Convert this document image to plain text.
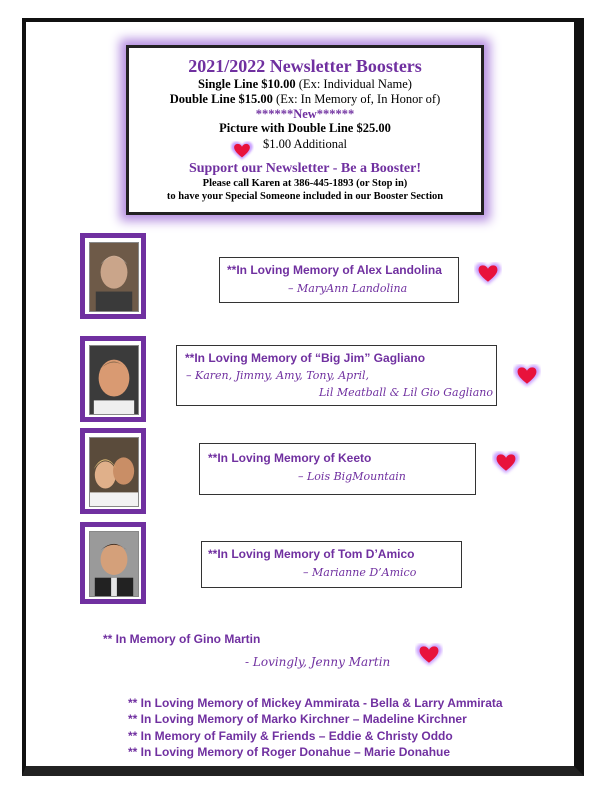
2021/2022 Newsletter Boosters
Single Line $10.00 (Ex: Individual Name)
Double Line $15.00 (Ex: In Memory of, In Honor of)
******New******
Picture with Double Line $25.00
$1.00 Additional
Support our Newsletter - Be a Booster!
Please call Karen at 386-445-1893 (or Stop in)
to have your Special Someone included in our Booster Section
**In Loving Memory of Alex Landolina
– MaryAnn Landolina
**In Loving Memory of “Big Jim” Gagliano
– Karen, Jimmy, Amy, Tony, April,
Lil Meatball & Lil Gio Gagliano
**In Loving Memory of Keeto
– Lois BigMountain
**In Loving Memory of Tom D’Amico
– Marianne D’Amico
** In Memory of Gino Martin
- Lovingly, Jenny Martin
** In Loving Memory of Mickey Ammirata - Bella & Larry Ammirata
** In Loving Memory of Marko Kirchner – Madeline Kirchner
** In Memory of Family & Friends – Eddie & Christy Oddo
** In Loving Memory of Roger Donahue – Marie Donahue
